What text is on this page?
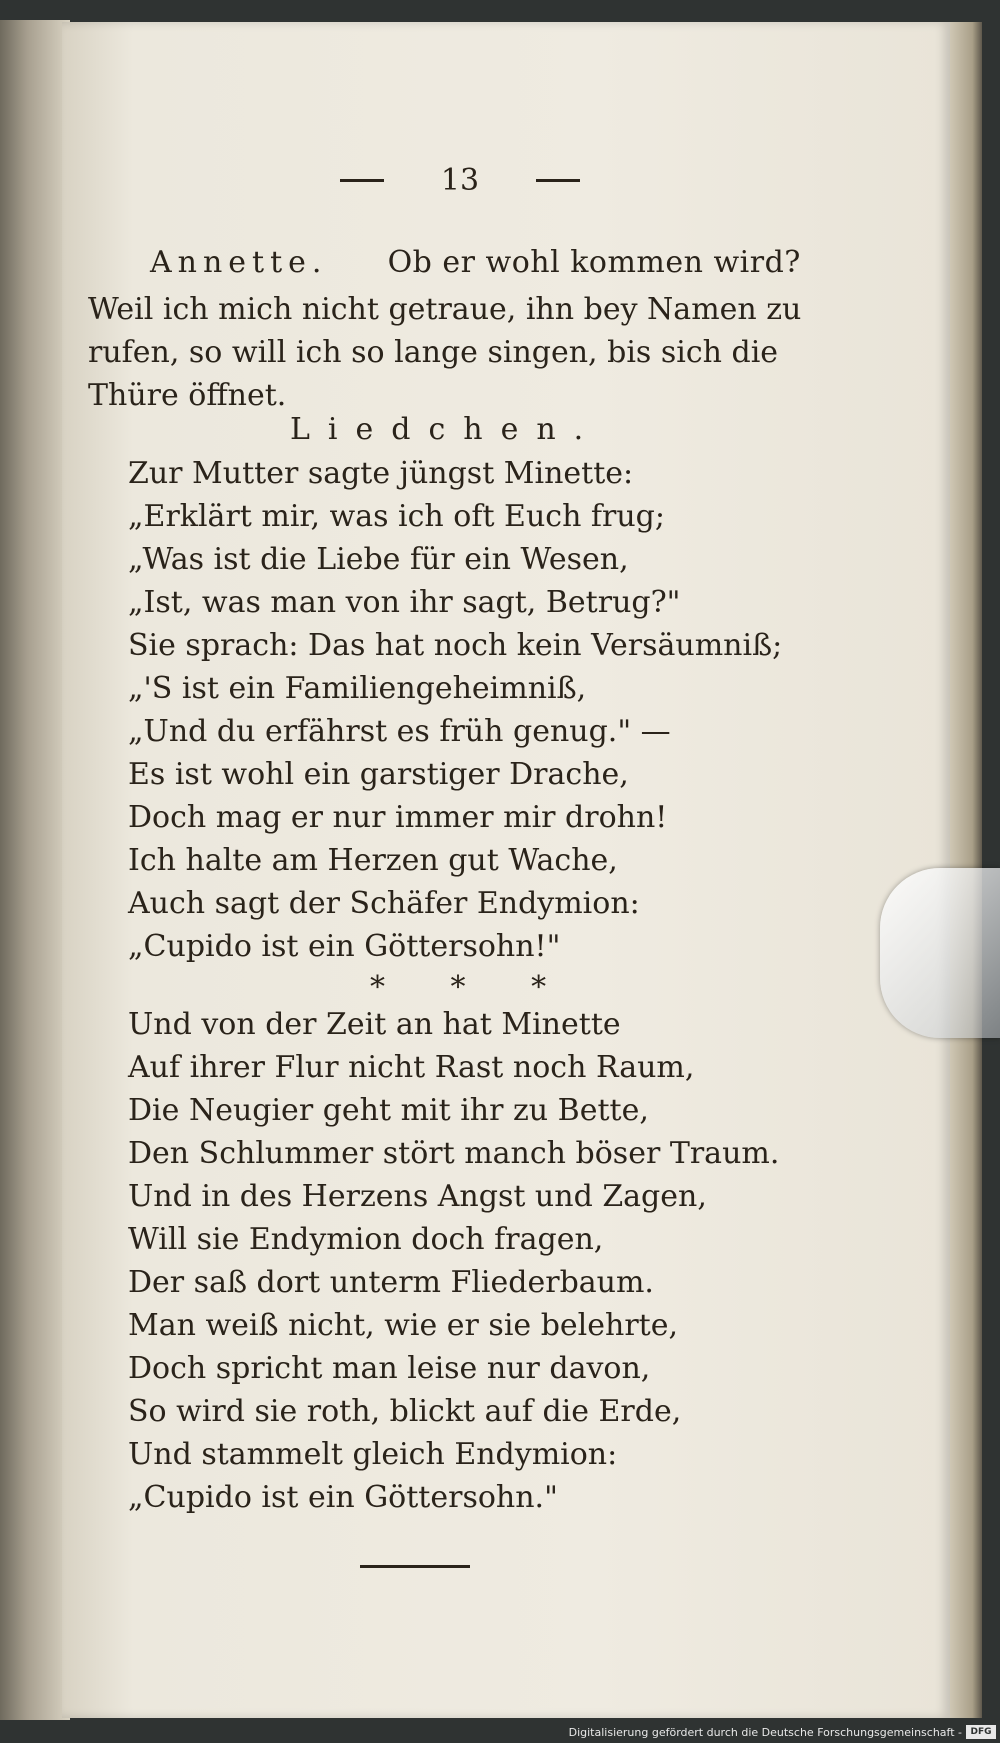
13
Annette. Ob er wohl kommen wird?
Weil ich mich nicht getraue, ihn bey Namen zu
rufen, so will ich so lange singen, bis sich die
Thüre öffnet.
Liedchen.
Zur Mutter sagte jüngst Minette:
„Erklärt mir, was ich oft Euch frug;
„Was ist die Liebe für ein Wesen,
„Ist, was man von ihr sagt, Betrug?"
Sie sprach: Das hat noch kein Versäumniß;
„'S ist ein Familiengeheimniß,
„Und du erfährst es früh genug." —
Es ist wohl ein garstiger Drache,
Doch mag er nur immer mir drohn!
Ich halte am Herzen gut Wache,
Auch sagt der Schäfer Endymion:
„Cupido ist ein Göttersohn!"
* * *
Und von der Zeit an hat Minette
Auf ihrer Flur nicht Rast noch Raum,
Die Neugier geht mit ihr zu Bette,
Den Schlummer stört manch böser Traum.
Und in des Herzens Angst und Zagen,
Will sie Endymion doch fragen,
Der saß dort unterm Fliederbaum.
Man weiß nicht, wie er sie belehrte,
Doch spricht man leise nur davon,
So wird sie roth, blickt auf die Erde,
Und stammelt gleich Endymion:
„Cupido ist ein Göttersohn."
Digitalisierung gefördert durch die Deutsche Forschungsgemeinschaft - DFG
